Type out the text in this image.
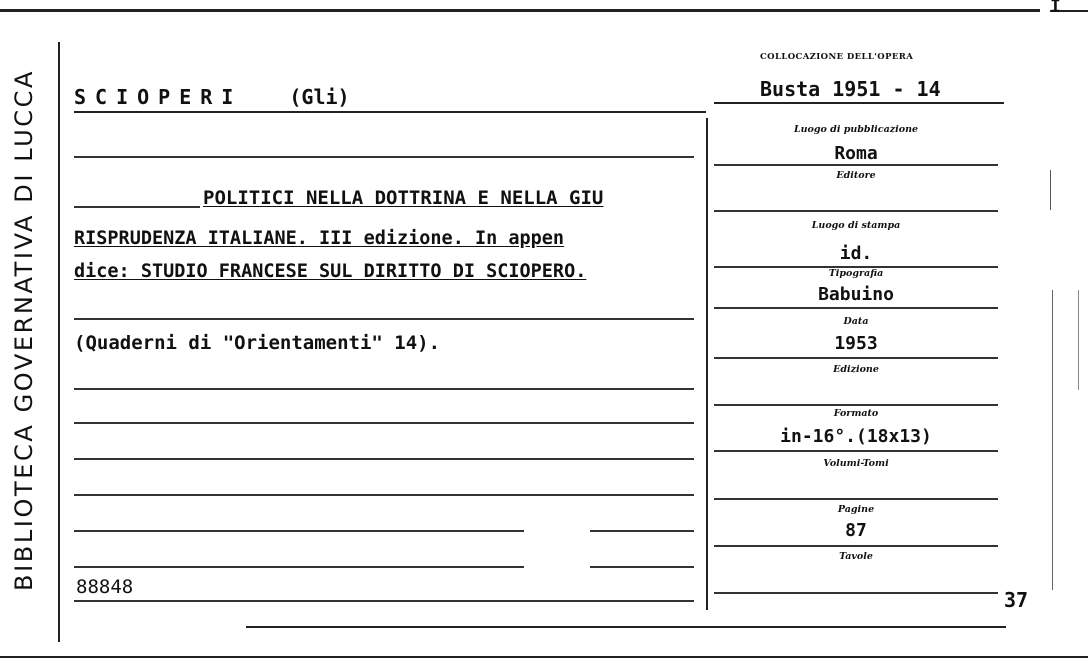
I
BIBLIOTECA GOVERNATIVA DI LUCCA
COLLOCAZIONE DELL'OPERA
Busta 1951 - 14
SCIOPERI (Gli)
POLITICI NELLA DOTTRINA E NELLA GIU
RISPRUDENZA ITALIANE. III edizione. In appen
dice: STUDIO FRANCESE SUL DIRITTO DI SCIOPERO.
(Quaderni di "Orientamenti" 14).
88848
Luogo di pubblicazione
Roma
Editore
Luogo di stampa
id.
Tipografia
Babuino
Data
1953
Edizione
Formato
in-16°.(18x13)
Volumi-Tomi
Pagine
87
Tavole
37
